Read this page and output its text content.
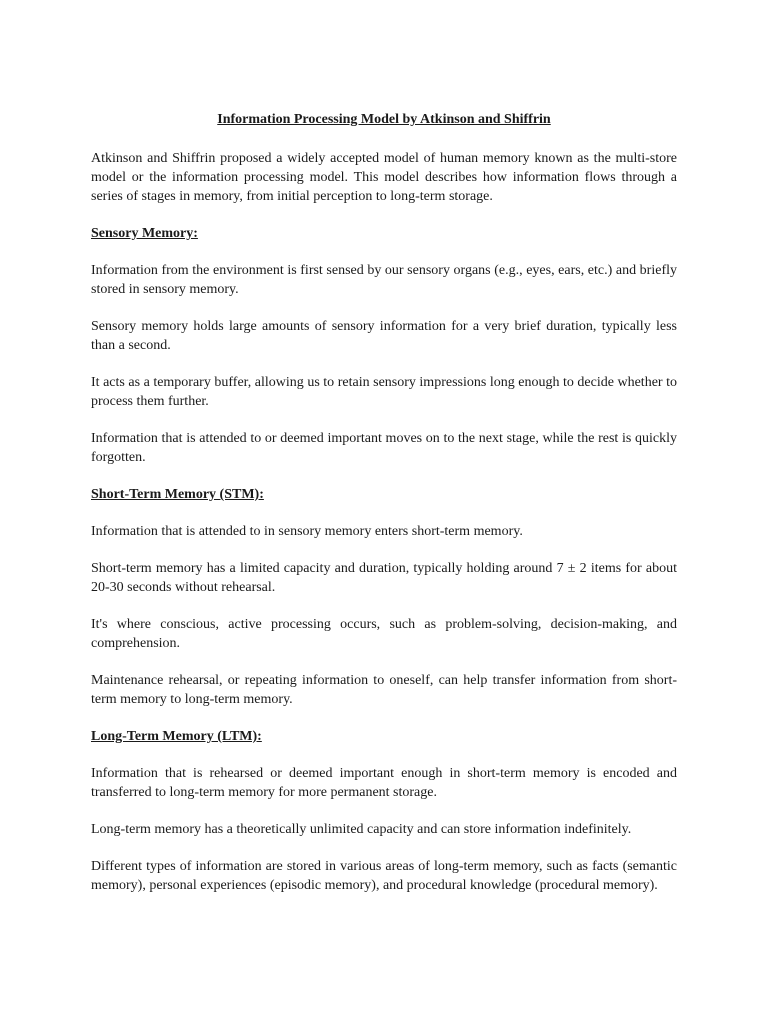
Information Processing Model by Atkinson and Shiffrin

Atkinson and Shiffrin proposed a widely accepted model of human memory known as the multi-store model or the information processing model. This model describes how information flows through a series of stages in memory, from initial perception to long-term storage.

Sensory Memory:

Information from the environment is first sensed by our sensory organs (e.g., eyes, ears, etc.) and briefly stored in sensory memory.

Sensory memory holds large amounts of sensory information for a very brief duration, typically less than a second.

It acts as a temporary buffer, allowing us to retain sensory impressions long enough to decide whether to process them further.

Information that is attended to or deemed important moves on to the next stage, while the rest is quickly forgotten.

Short-Term Memory (STM):

Information that is attended to in sensory memory enters short-term memory.

Short-term memory has a limited capacity and duration, typically holding around 7 ± 2 items for about 20-30 seconds without rehearsal.

It's where conscious, active processing occurs, such as problem-solving, decision-making, and comprehension.

Maintenance rehearsal, or repeating information to oneself, can help transfer information from short-term memory to long-term memory.

Long-Term Memory (LTM):

Information that is rehearsed or deemed important enough in short-term memory is encoded and transferred to long-term memory for more permanent storage.

Long-term memory has a theoretically unlimited capacity and can store information indefinitely.

Different types of information are stored in various areas of long-term memory, such as facts (semantic memory), personal experiences (episodic memory), and procedural knowledge (procedural memory).
